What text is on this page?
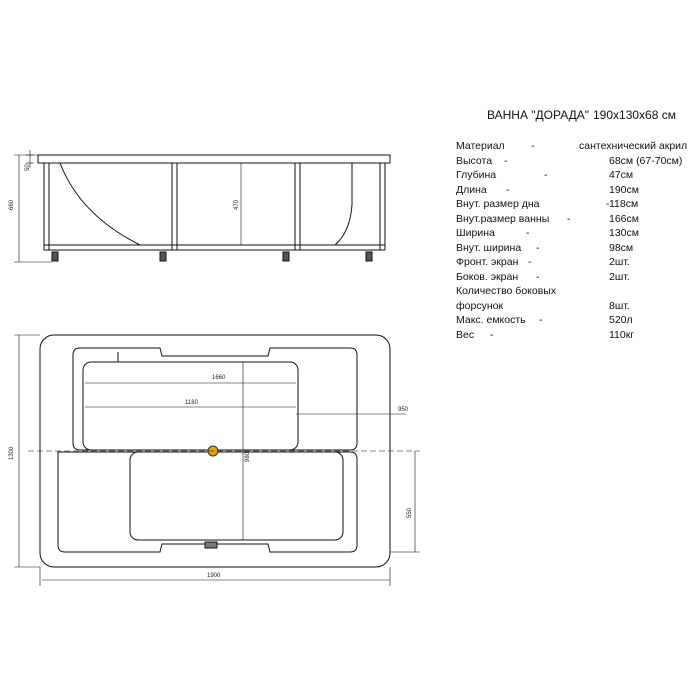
660
50
470
1300
1900
1660
1180
950
980
550
ВАННА "ДОРАДА" 190х130х68 см
Материал	-	сантехнический акрил
Высота -	68см (67-70см)
Глубина	-	47см
Длина -	190см
Внут. размер дна	- 118см
Внут.размер ванны -	166см
Ширина	-	130см
Внут. ширина -	98см
Фронт. экран -	2шт.
Боков. экран -	2шт.
Количество боковых
форсунок	8шт.
Макс. емкость -	520л
Вес -	110кг
